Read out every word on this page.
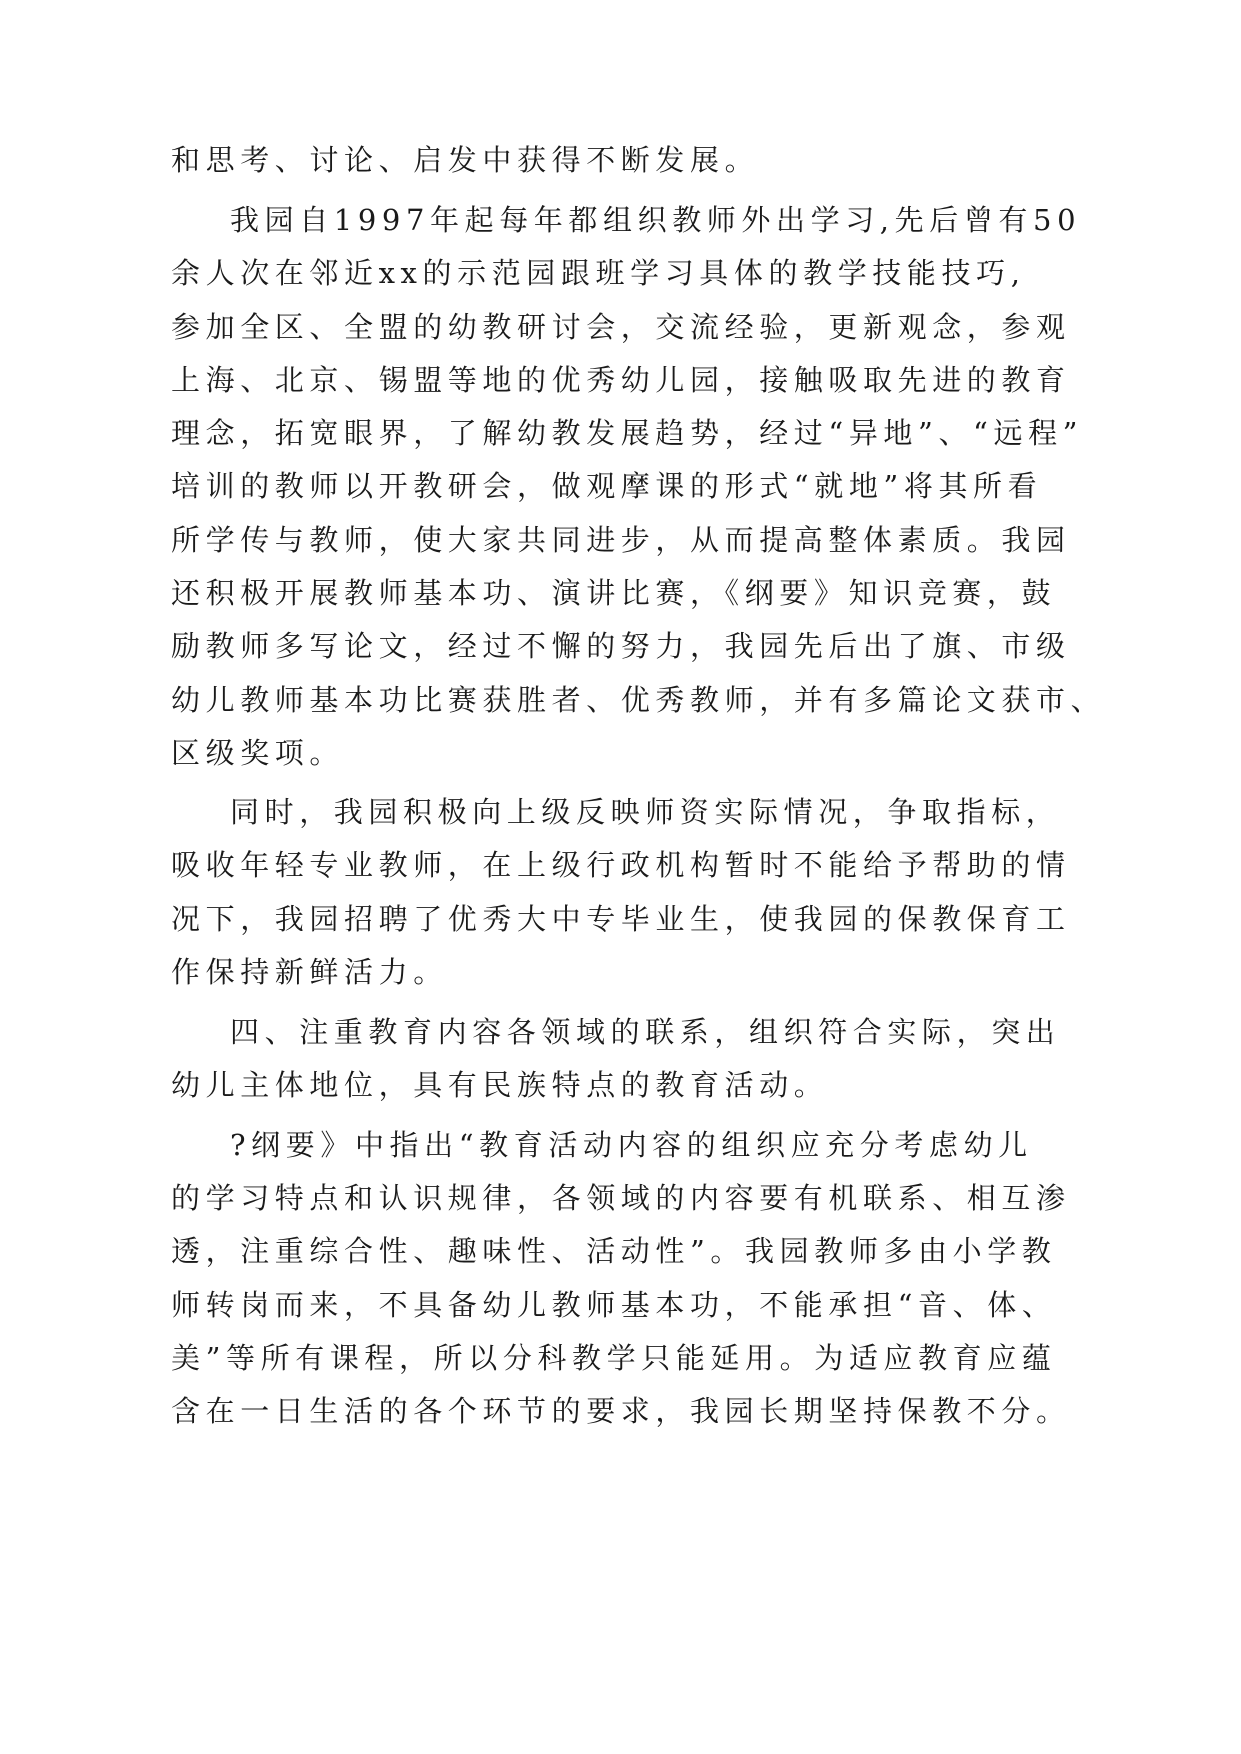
和思考、讨论、启发中获得不断发展。

我园自1997年起每年都组织教师外出学习,先后曾有50

余人次在邻近xx的示范园跟班学习具体的教学技能技巧,

参加全区、全盟的幼教研讨会，交流经验，更新观念，参观

上海、北京、锡盟等地的优秀幼儿园，接触吸取先进的教育

理念，拓宽眼界，了解幼教发展趋势，经过“异地”、“远程”

培训的教师以开教研会，做观摩课的形式“就地”将其所看

所学传与教师，使大家共同进步，从而提高整体素质。我园

还积极开展教师基本功、演讲比赛，《纲要》知识竞赛，鼓

励教师多写论文，经过不懈的努力，我园先后出了旗、市级

幼儿教师基本功比赛获胜者、优秀教师，并有多篇论文获市、

区级奖项。

同时，我园积极向上级反映师资实际情况，争取指标，

吸收年轻专业教师，在上级行政机构暂时不能给予帮助的情

况下，我园招聘了优秀大中专毕业生，使我园的保教保育工

作保持新鲜活力。

四、注重教育内容各领域的联系，组织符合实际，突出

幼儿主体地位，具有民族特点的教育活动。

?纲要》中指出“教育活动内容的组织应充分考虑幼儿

的学习特点和认识规律，各领域的内容要有机联系、相互渗

透，注重综合性、趣味性、活动性”。我园教师多由小学教

师转岗而来，不具备幼儿教师基本功，不能承担“音、体、

美”等所有课程，所以分科教学只能延用。为适应教育应蕴

含在一日生活的各个环节的要求，我园长期坚持保教不分。
